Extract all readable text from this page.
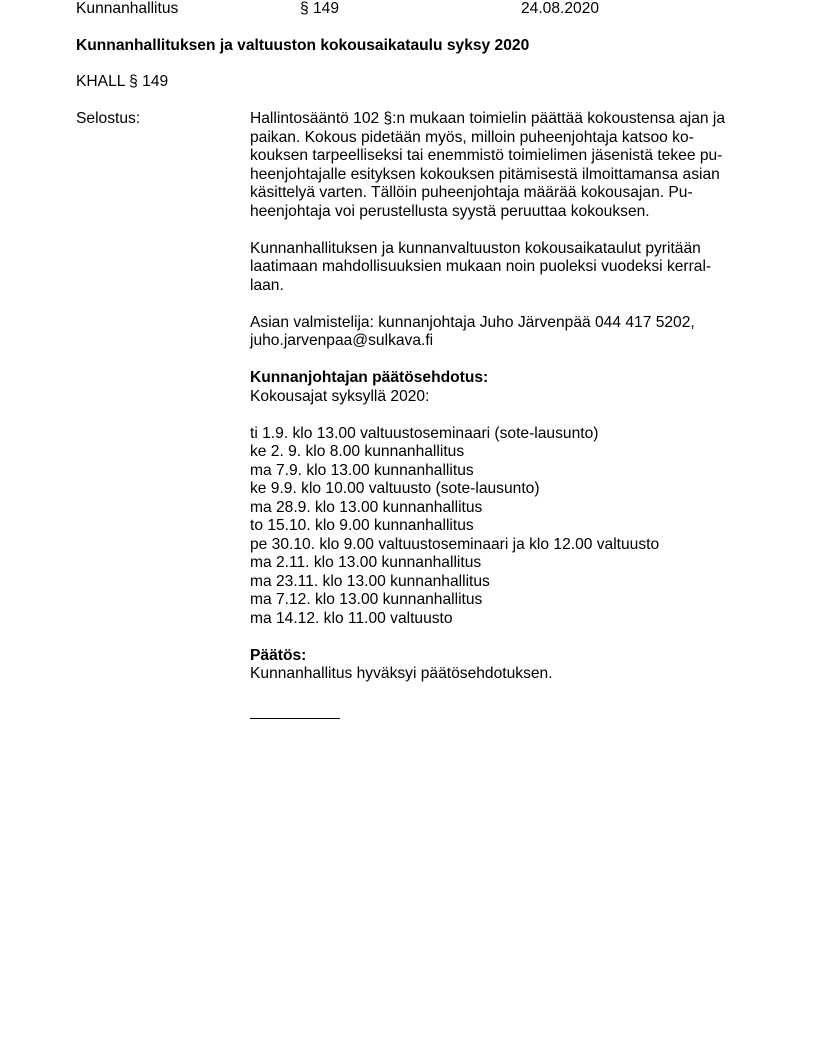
Kunnanhallitus	§ 149	24.08.2020
Kunnanhallituksen ja valtuuston kokousaikataulu syksy 2020
KHALL § 149
Selostus:	Hallintosääntö 102 §:n mukaan toimielin päättää kokoustensa ajan ja
paikan. Kokous pidetään myös, milloin puheenjohtaja katsoo ko-
kouksen tarpeelliseksi tai enemmistö toimielimen jäsenistä tekee pu-
heenjohtajalle esityksen kokouksen pitämisestä ilmoittamansa asian
käsittelyä varten. Tällöin puheenjohtaja määrää kokousajan. Pu-
heenjohtaja voi perustellusta syystä peruuttaa kokouksen.
Kunnanhallituksen ja kunnanvaltuuston kokousaikataulut pyritään
laatimaan mahdollisuuksien mukaan noin puoleksi vuodeksi kerral-
laan.
Asian valmistelija: kunnanjohtaja Juho Järvenpää 044 417 5202,
juho.jarvenpaa@sulkava.fi
Kunnanjohtajan päätösehdotus:
Kokousajat syksyllä 2020:
ti 1.9. klo 13.00 valtuustoseminaari (sote-lausunto)
ke 2. 9. klo 8.00 kunnanhallitus
ma 7.9. klo 13.00 kunnanhallitus
ke 9.9. klo 10.00 valtuusto (sote-lausunto)
ma 28.9. klo 13.00 kunnanhallitus
to 15.10. klo 9.00 kunnanhallitus
pe 30.10. klo 9.00 valtuustoseminaari ja klo 12.00 valtuusto
ma 2.11. klo 13.00 kunnanhallitus
ma 23.11. klo 13.00 kunnanhallitus
ma 7.12. klo 13.00 kunnanhallitus
ma 14.12. klo 11.00 valtuusto
Päätös:
Kunnanhallitus hyväksyi päätösehdotuksen.
